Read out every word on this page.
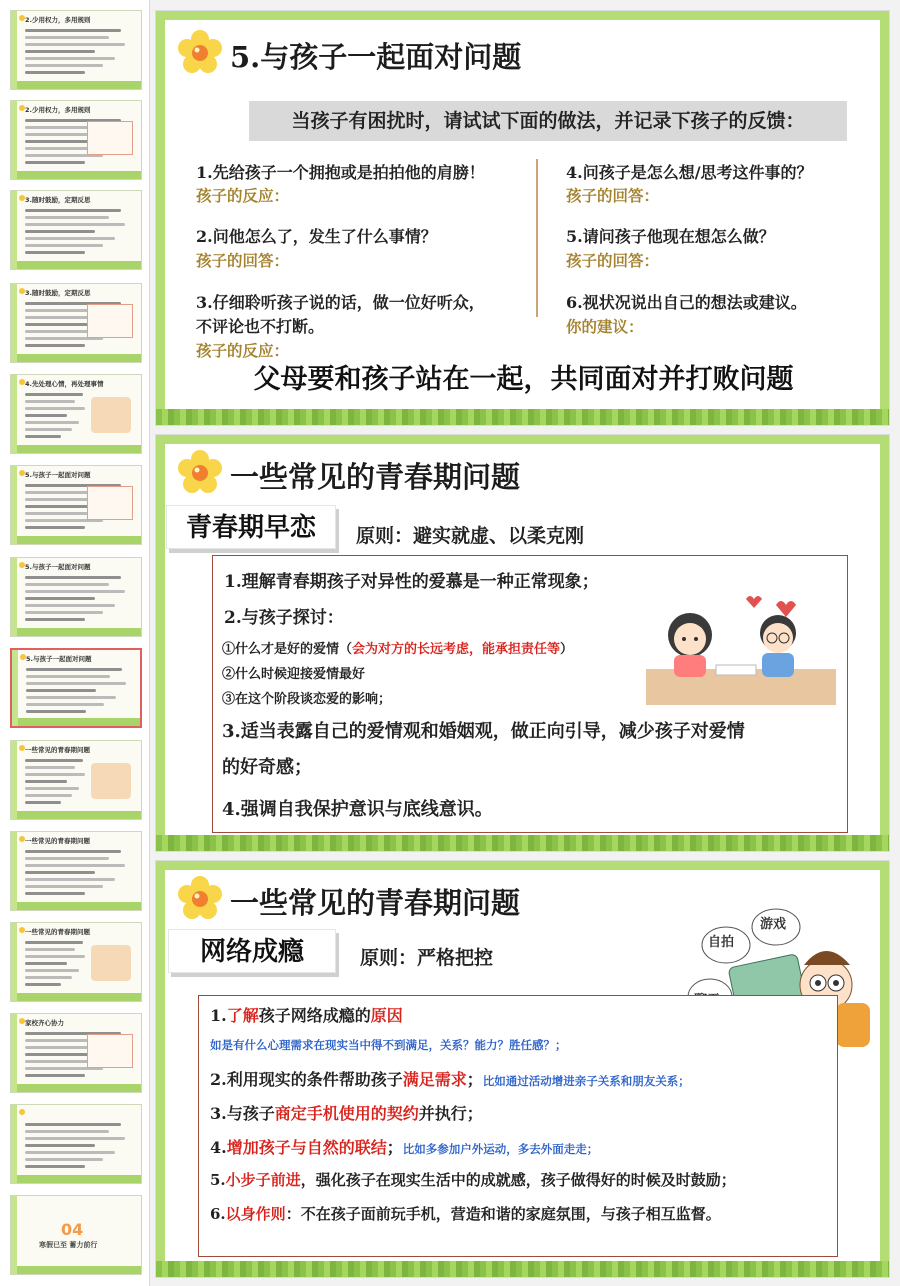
2.少用权力，多用规则
2.少用权力，多用规则
3.随时鼓励，定期反思
3.随时鼓励，定期反思
4.先处理心情，再处理事情
5.与孩子一起面对问题
5.与孩子一起面对问题
5.与孩子一起面对问题
一些常见的青春期问题
一些常见的青春期问题
一些常见的青春期问题
家校齐心协力
04
寒假已至 蓄力前行
5.与孩子一起面对问题
当孩子有困扰时，请试试下面的做法，并记录下孩子的反馈：
1.先给孩子一个拥抱或是拍拍他的肩膀！
孩子的反应：
2.问他怎么了，发生了什么事情？
孩子的回答：
3.仔细聆听孩子说的话，做一位好听众，
不评论也不打断。
孩子的反应：
4.问孩子是怎么想/思考这件事的？
孩子的回答：
5.请问孩子他现在想怎么做？
孩子的回答：
6.视状况说出自己的想法或建议。
你的建议：
父母要和孩子站在一起，共同面对并打败问题
一些常见的青春期问题
青春期早恋	原则：避实就虚、以柔克刚
1.理解青春期孩子对异性的爱慕是一种正常现象；
2.与孩子探讨：
①什么才是好的爱情（会为对方的长远考虑，能承担责任等）
②什么时候迎接爱情最好
③在这个阶段谈恋爱的影响；
3.适当表露自己的爱情观和婚姻观，做正向引导，减少孩子对爱情
的好奇感；
4.强调自我保护意识与底线意识。
一些常见的青春期问题
网络成瘾	原则：严格把控
自拍
游戏
1.了解孩子网络成瘾的原因
如是有什么心理需求在现实当中得不到满足，关系？能力？胜任感？；
2.利用现实的条件帮助孩子满足需求；比如通过活动增进亲子关系和朋友关系；
3.与孩子商定手机使用的契约并执行；
4.增加孩子与自然的联结；比如多参加户外运动，多去外面走走；
5.小步子前进，强化孩子在现实生活中的成就感，孩子做得好的时候及时鼓励；
6.以身作则：不在孩子面前玩手机，营造和谐的家庭氛围，与孩子相互监督。
